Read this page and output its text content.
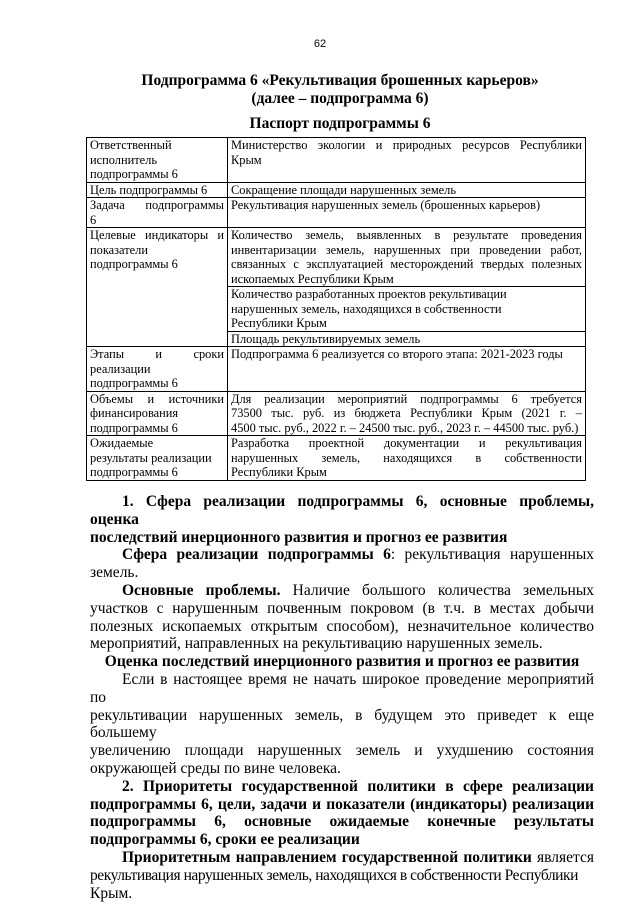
62
Подпрограмма 6 «Рекультивация брошенных карьеров»
(далее – подпрограмма 6)
Паспорт подпрограммы 6
Ответственный
исполнитель
подпрограммы 6	Министерство экологии и природных ресурсов Республики
Крым

Цель подпрограммы 6	Сокращение площади нарушенных земель

Задача подпрограммы
6	Рекультивация нарушенных земель (брошенных карьеров)

Целевые индикаторы и
показатели
подпрограммы 6	Количество земель, выявленных в результате проведения
инвентаризации земель, нарушенных при проведении работ,
связанных с эксплуатацией месторождений твердых полезных
ископаемых Республики Крым

	Количество разработанных проектов рекультивации
нарушенных земель, находящихся в собственности
Республики Крым

	Площадь рекультивируемых земель

Этапы и сроки
реализации
подпрограммы 6	Подпрограмма 6 реализуется со второго этапа: 2021-2023 годы

Объемы и источники
финансирования
подпрограммы 6	Для реализации мероприятий подпрограммы 6 требуется
73500 тыс. руб. из бюджета Республики Крым (2021 г. –
4500 тыс. руб., 2022 г. – 24500 тыс. руб., 2023 г. – 44500 тыс. руб.)

Ожидаемые
результаты реализации
подпрограммы 6	Разработка проектной документации и рекультивация
нарушенных земель, находящихся в собственности
Республики Крым

1. Сфера реализации подпрограммы 6, основные проблемы, оценка
последствий инерционного развития и прогноз ее развития

Сфера реализации подпрограммы 6: рекультивация нарушенных
земель.

Основные проблемы. Наличие большого количества земельных
участков с нарушенным почвенным покровом (в т.ч. в местах добычи
полезных ископаемых открытым способом), незначительное количество
мероприятий, направленных на рекультивацию нарушенных земель.

Оценка последствий инерционного развития и прогноз ее развития

Если в настоящее время не начать широкое проведение мероприятий по
рекультивации нарушенных земель, в будущем это приведет к еще большему
увеличению площади нарушенных земель и ухудшению состояния
окружающей среды по вине человека.

2. Приоритеты государственной политики в сфере реализации
подпрограммы 6, цели, задачи и показатели (индикаторы) реализации
подпрограммы 6, основные ожидаемые конечные результаты
подпрограммы 6, сроки ее реализации

Приоритетным направлением государственной политики является
рекультивация нарушенных земель, находящихся в собственности Республики
Крым.
